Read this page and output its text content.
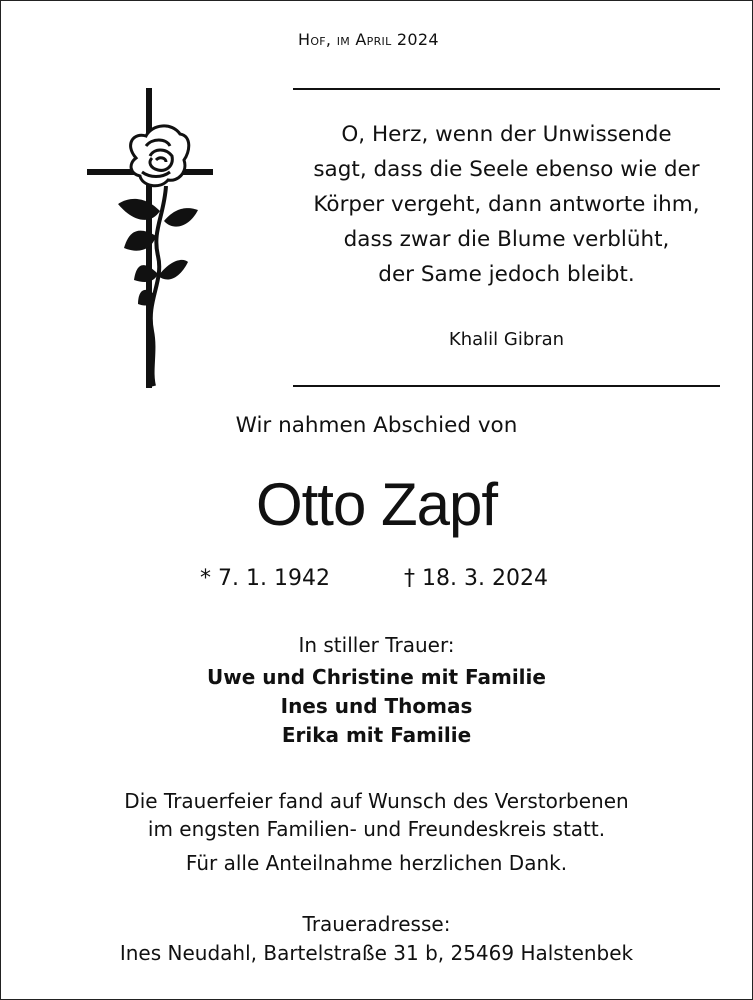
Hof, im April 2024
O, Herz, wenn der Unwissende
sagt, dass die Seele ebenso wie der
Körper vergeht, dann antworte ihm,
dass zwar die Blume verblüht,
der Same jedoch bleibt.
Khalil Gibran
Wir nahmen Abschied von
Otto Zapf
* 7. 1. 1942	† 18. 3. 2024
In stiller Trauer:
Uwe und Christine mit Familie
Ines und Thomas
Erika mit Familie
Die Trauerfeier fand auf Wunsch des Verstorbenen
im engsten Familien- und Freundeskreis statt.
Für alle Anteilnahme herzlichen Dank.
Traueradresse:
Ines Neudahl, Bartelstraße 31 b, 25469 Halstenbek
